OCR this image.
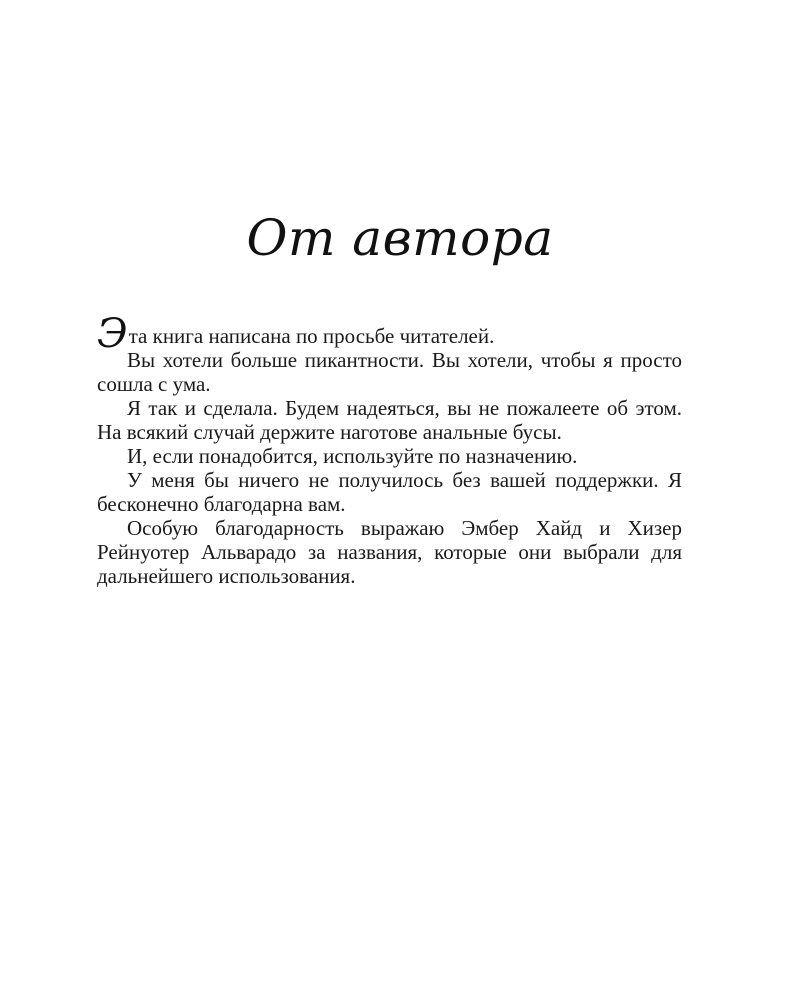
От автора

Эта книга написана по просьбе читателей.

Вы хотели больше пикантности. Вы хотели, чтобы я просто сошла с ума.

Я так и сделала. Будем надеяться, вы не пожалеете об этом. На всякий случай держите наготове анальные бусы.

И, если понадобится, используйте по назначению.

У меня бы ничего не получилось без вашей поддержки. Я бесконечно благодарна вам.

Особую благодарность выражаю Эмбер Хайд и Хизер Рейнуотер Альварадо за названия, которые они выбрали для дальнейшего использования.
